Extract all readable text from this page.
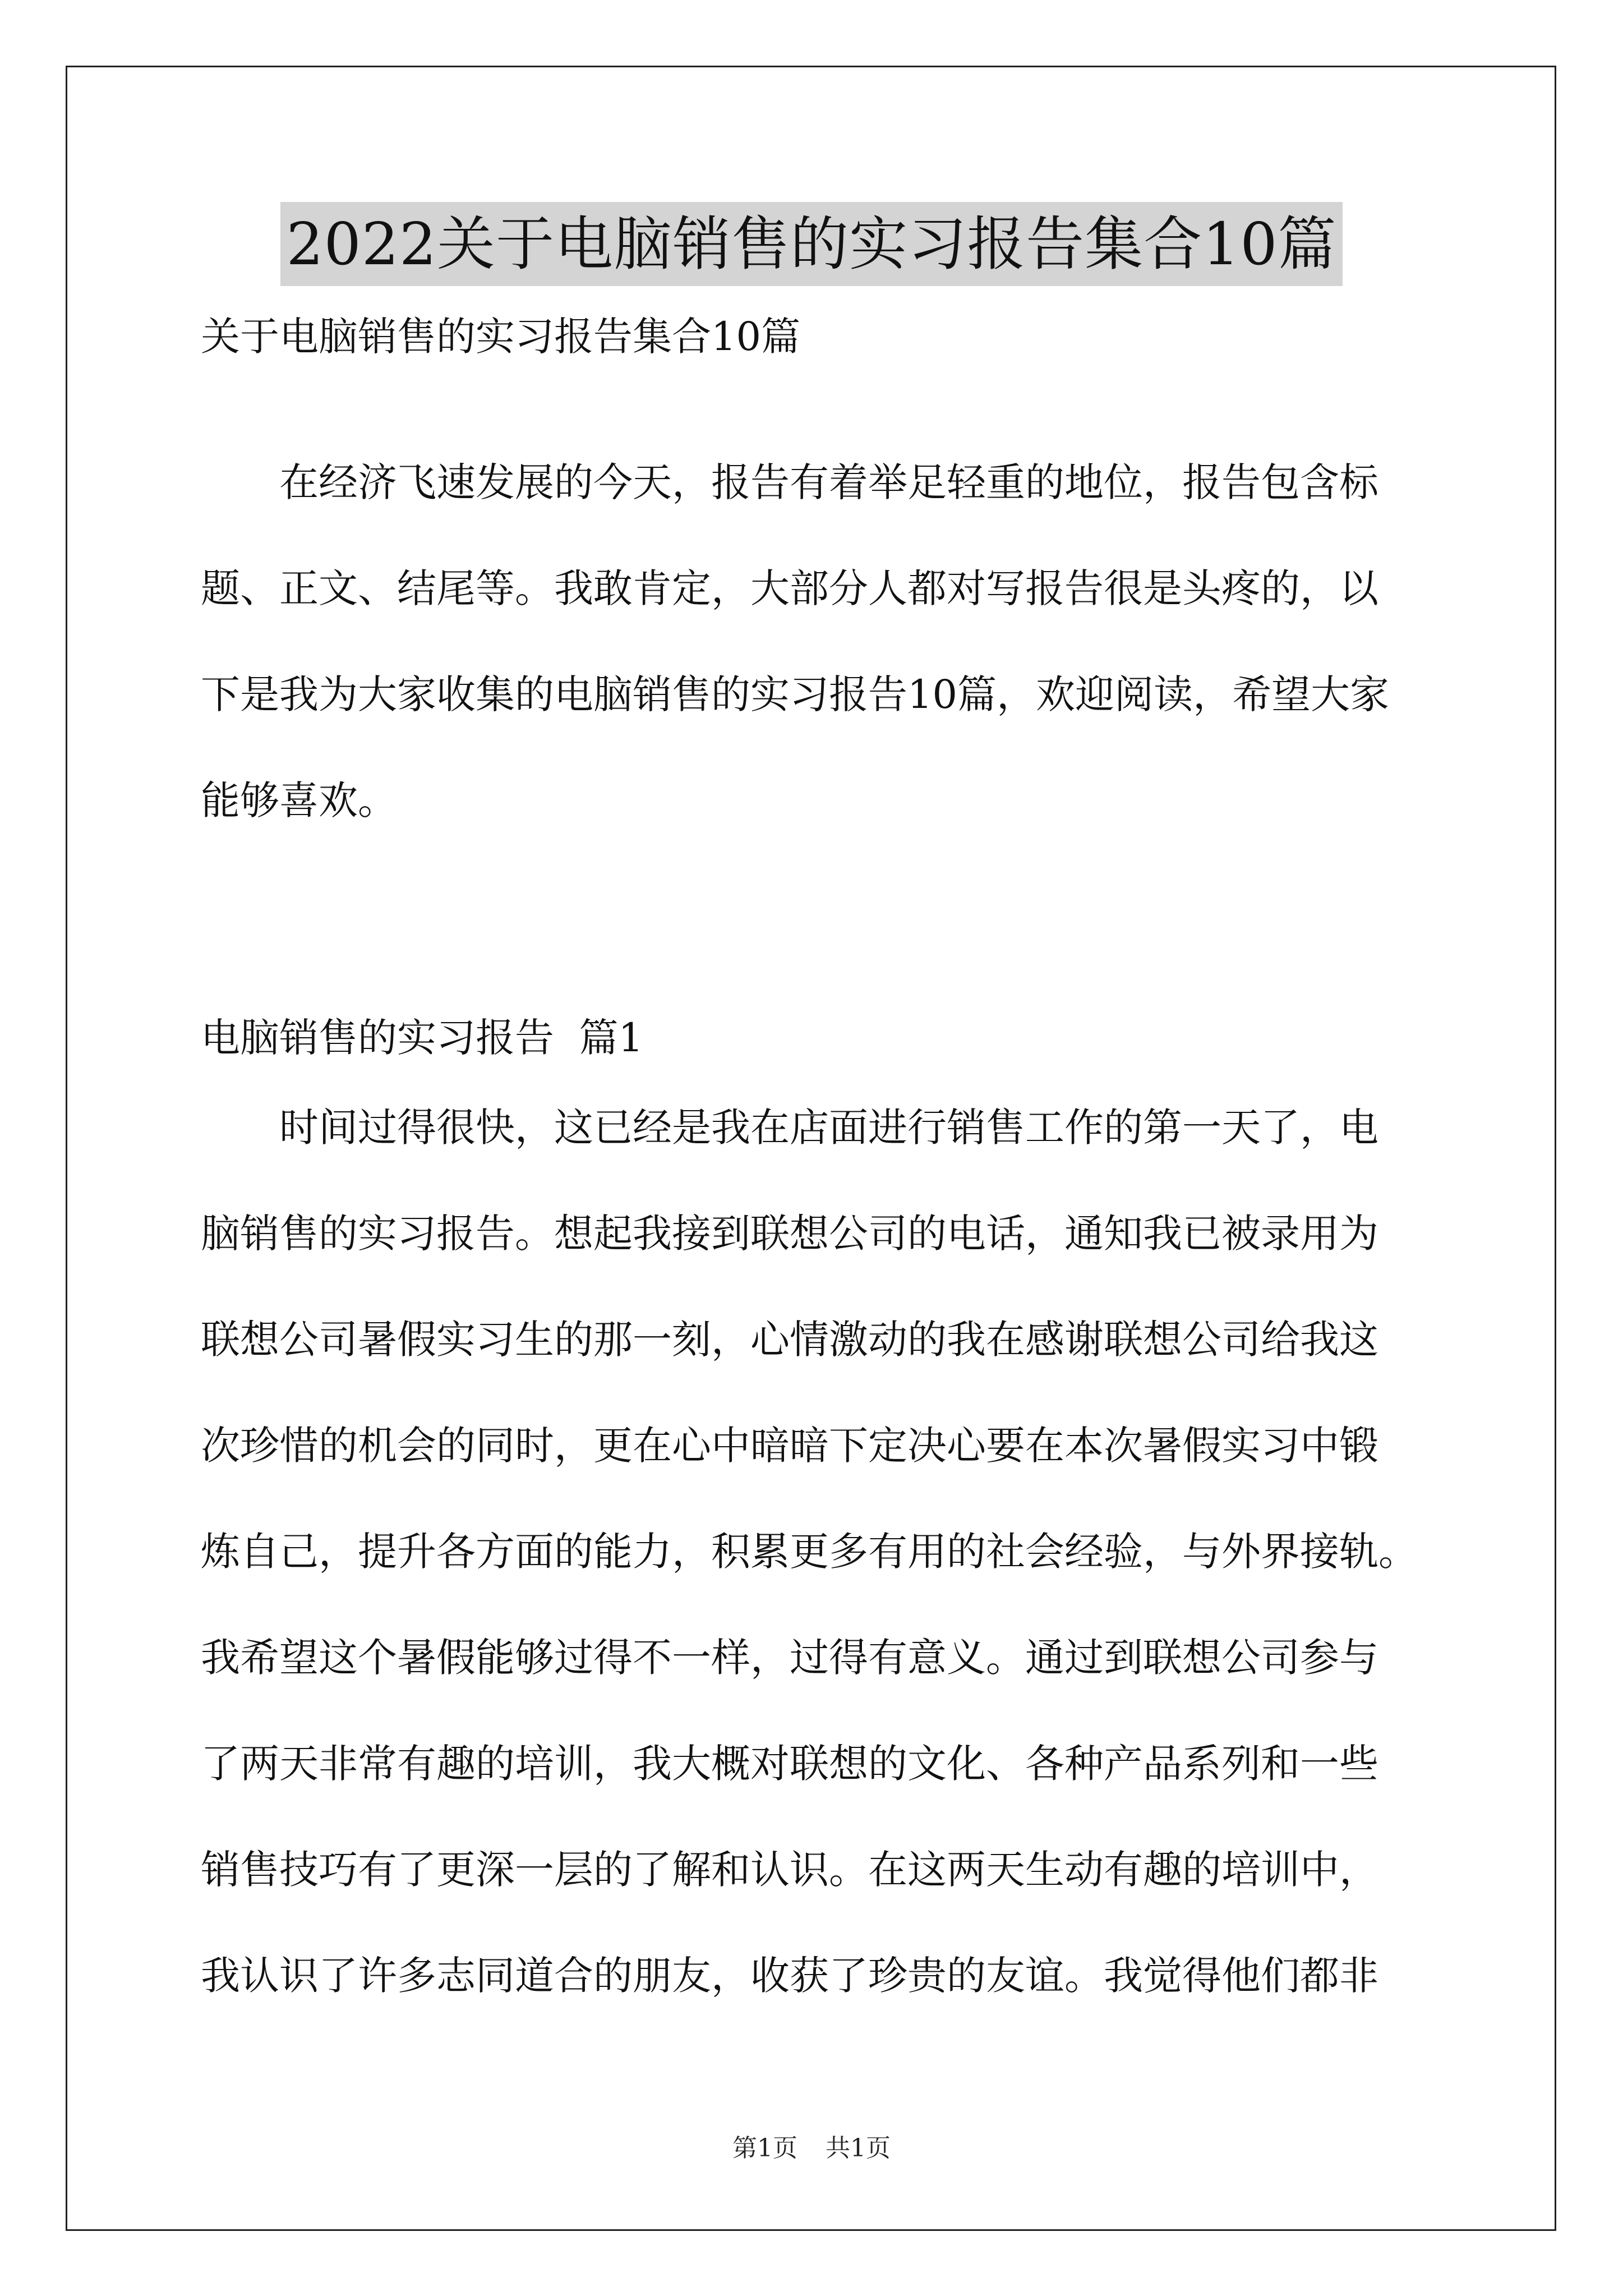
2022关于电脑销售的实习报告集合10篇
关于电脑销售的实习报告集合10篇
在经济飞速发展的今天，报告有着举足轻重的地位，报告包含标
题、正文、结尾等。我敢肯定，大部分人都对写报告很是头疼的，以
下是我为大家收集的电脑销售的实习报告10篇，欢迎阅读，希望大家
能够喜欢。
电脑销售的实习报告  篇1
时间过得很快，这已经是我在店面进行销售工作的第一天了，电
脑销售的实习报告。想起我接到联想公司的电话，通知我已被录用为
联想公司暑假实习生的那一刻，心情激动的我在感谢联想公司给我这
次珍惜的机会的同时，更在心中暗暗下定决心要在本次暑假实习中锻
炼自己，提升各方面的能力，积累更多有用的社会经验，与外界接轨。
我希望这个暑假能够过得不一样，过得有意义。通过到联想公司参与
了两天非常有趣的培训，我大概对联想的文化、各种产品系列和一些
销售技巧有了更深一层的了解和认识。在这两天生动有趣的培训中，
我认识了许多志同道合的朋友，收获了珍贵的友谊。我觉得他们都非
第1页 共1页
